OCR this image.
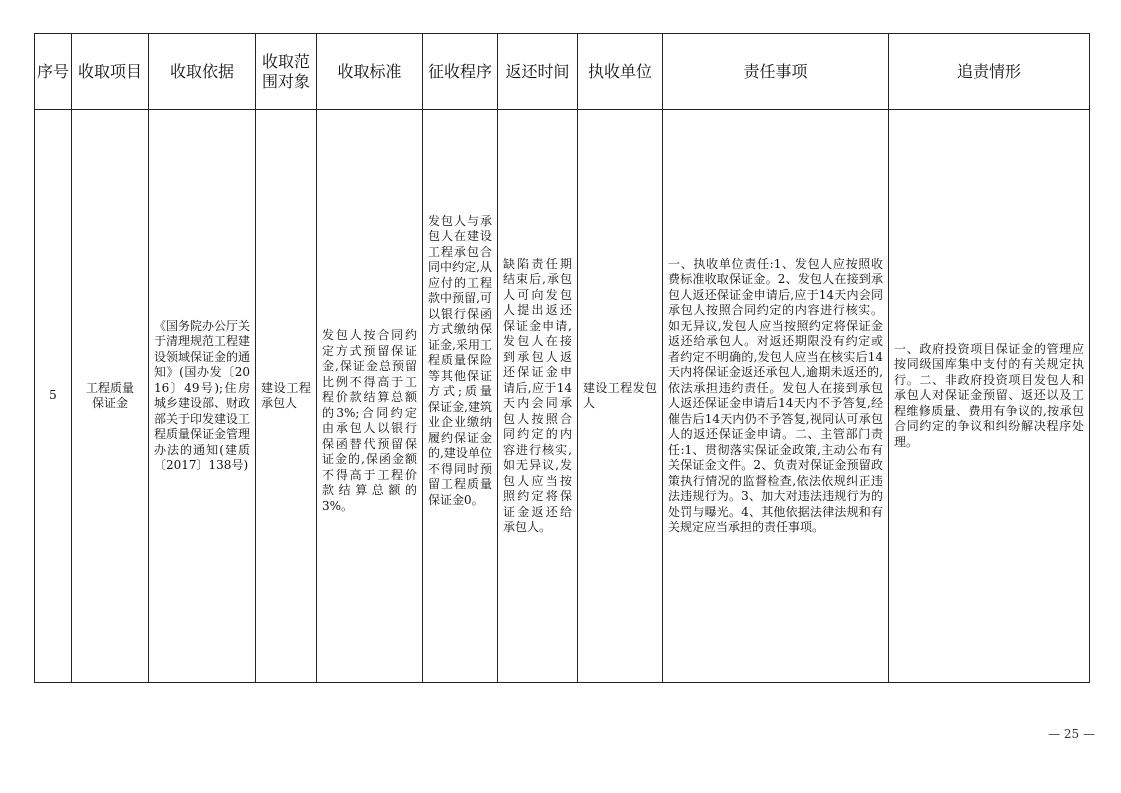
序号	收取项目	收取依据	收取范围对象	收取标准	征收程序	返还时间	执收单位	责任事项	追责情形

5	工程质量保证金	《国务院办公厅关于清理规范工程建设领域保证金的通知》(国办发〔2016〕49号);住房城乡建设部、财政部关于印发建设工程质量保证金管理办法的通知(建质〔2017〕138号)	建设工程承包人	发包人按合同约定方式预留保证金,保证金总预留比例不得高于工程价款结算总额的3%;合同约定由承包人以银行保函替代预留保证金的,保函金额不得高于工程价款结算总额的3%。	发包人与承包人在建设工程承包合同中约定,从应付的工程款中预留,可以银行保函方式缴纳保证金,采用工程质量保险等其他保证方式;质量保证金,建筑业企业缴纳履约保证金的,建设单位不得同时预留工程质量保证金0。	缺陷责任期结束后,承包人可向发包人提出返还保证金申请,发包人在接到承包人返还保证金申请后,应于14天内会同承包人按照合同约定的内容进行核实,如无异议,发包人应当按照约定将保证金返还给承包人。	建设工程发包人	一、执收单位责任:1、发包人应按照收费标准收取保证金。2、发包人在接到承包人返还保证金申请后,应于14天内会同承包人按照合同约定的内容进行核实。如无异议,发包人应当按照约定将保证金返还给承包人。对返还期限没有约定或者约定不明确的,发包人应当在核实后14天内将保证金返还承包人,逾期未返还的,依法承担违约责任。发包人在接到承包人返还保证金申请后14天内不予答复,经催告后14天内仍不予答复,视同认可承包人的返还保证金申请。二、主管部门责任:1、贯彻落实保证金政策,主动公布有关保证金文件。2、负责对保证金预留政策执行情况的监督检查,依法依规纠正违法违规行为。3、加大对违法违规行为的处罚与曝光。4、其他依据法律法规和有关规定应当承担的责任事项。	一、政府投资项目保证金的管理应按同级国库集中支付的有关规定执行。二、非政府投资项目发包人和承包人对保证金预留、返还以及工程维修质量、费用有争议的,按承包合同约定的争议和纠纷解决程序处理。
— 25 —
